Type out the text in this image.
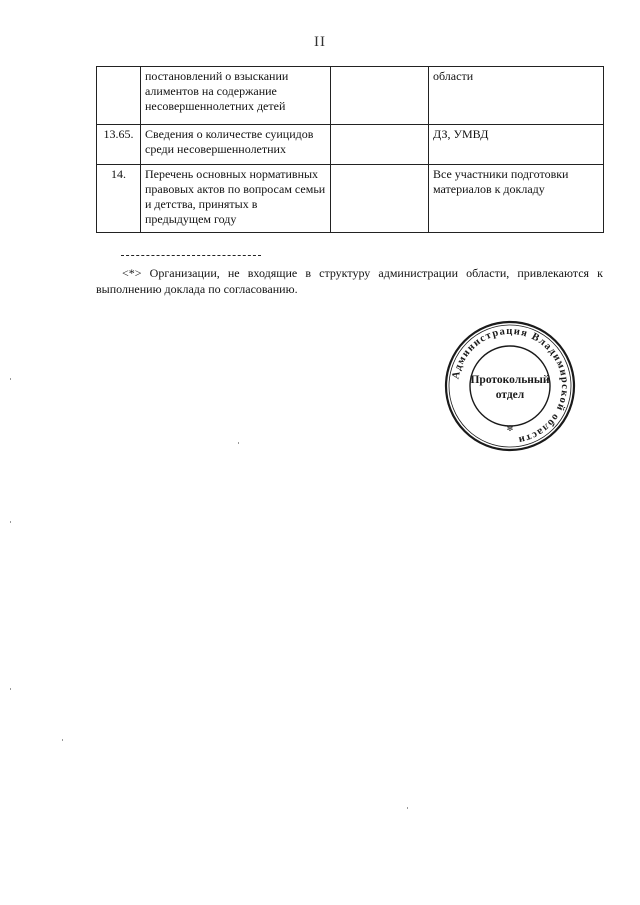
II
	постановлений о взыскании алиментов на содержание несовершеннолетних детей		области
13.65.	Сведения о количестве суицидов среди несовершеннолетних		ДЗ, УМВД
14.	Перечень основных нормативных правовых актов по вопросам семьи и детства, принятых в предыдущем году		Все участники подготовки материалов к докладу
<*> Организации, не входящие в структуру администрации области, привлекаются к выполнению доклада по согласованию.
Администрация Владимирской области
Протокольный
отдел
✻
